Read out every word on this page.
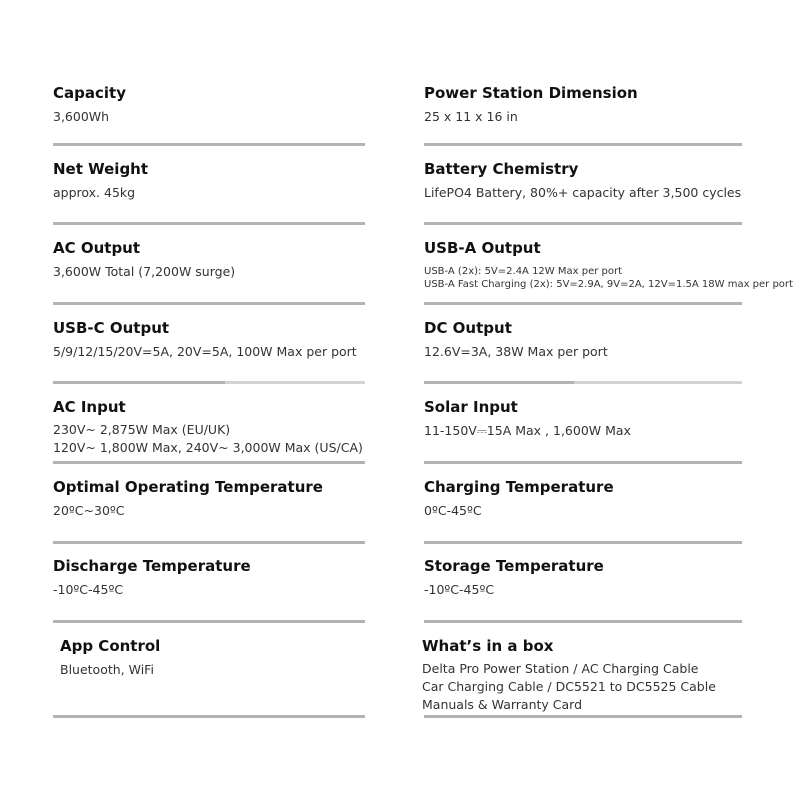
Capacity
3,600Wh
Net Weight
approx. 45kg
AC Output
3,600W Total (7,200W surge)
USB-C Output
5/9/12/15/20V=5A, 20V=5A, 100W Max per port
AC Input
230V~ 2,875W Max (EU/UK)
120V~ 1,800W Max, 240V~ 3,000W Max (US/CA)
Optimal Operating Temperature
20ºC~30ºC
Discharge Temperature
-10ºC-45ºC
App Control
Bluetooth, WiFi
Power Station Dimension
25 x 11 x 16 in
Battery Chemistry
LifePO4 Battery, 80%+ capacity after 3,500 cycles
USB-A Output
USB-A (2x): 5V=2.4A 12W Max per port
USB-A Fast Charging (2x): 5V=2.9A, 9V=2A, 12V=1.5A 18W max per port
DC Output
12.6V=3A, 38W Max per port
Solar Input
11-150V⎓15A Max , 1,600W Max
Charging Temperature
0ºC-45ºC
Storage Temperature
-10ºC-45ºC
What’s in a box
Delta Pro Power Station / AC Charging Cable
Car Charging Cable / DC5521 to DC5525 Cable
Manuals & Warranty Card
